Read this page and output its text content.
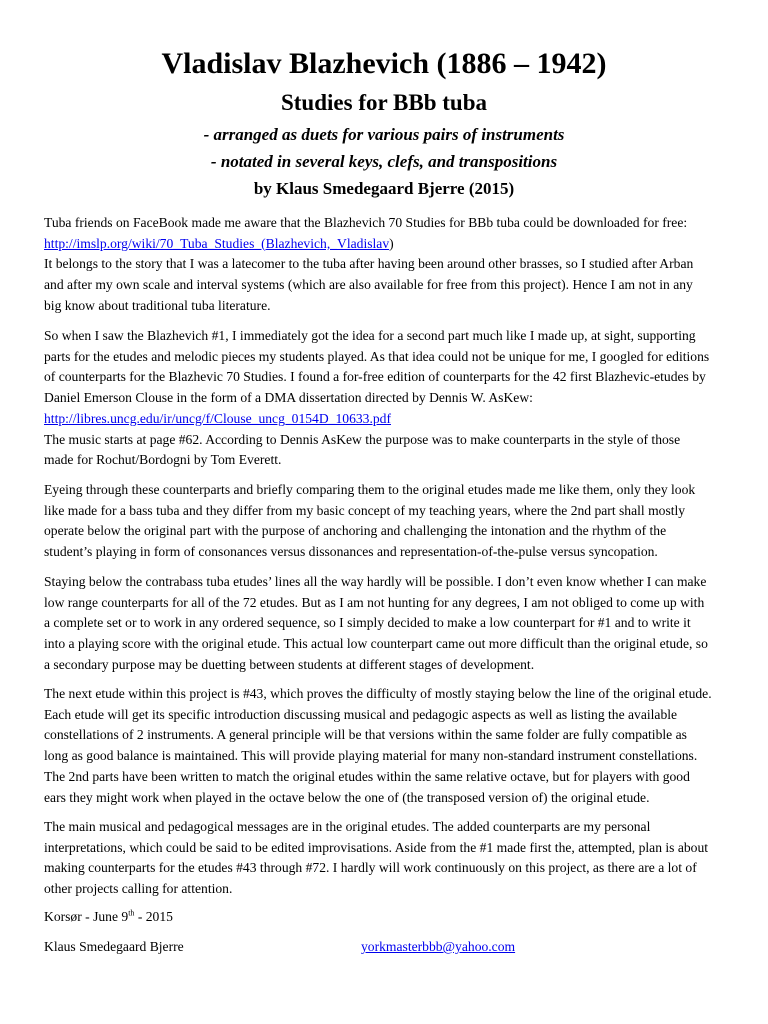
Vladislav Blazhevich (1886 – 1942)
Studies for BBb tuba
- arranged as duets for various pairs of instruments
- notated in several keys, clefs, and transpositions
by Klaus Smedegaard Bjerre (2015)

Tuba friends on FaceBook made me aware that the Blazhevich 70 Studies for BBb tuba could be downloaded for free:
http://imslp.org/wiki/70_Tuba_Studies_(Blazhevich,_Vladislav)
It belongs to the story that I was a latecomer to the tuba after having been around other brasses, so I studied after Arban
and after my own scale and interval systems (which are also available for free from this project). Hence I am not in any
big know about traditional tuba literature.

So when I saw the Blazhevich #1, I immediately got the idea for a second part much like I made up, at sight, supporting
parts for the etudes and melodic pieces my students played. As that idea could not be unique for me, I googled for editions
of counterparts for the Blazhevic 70 Studies. I found a for-free edition of counterparts for the 42 first Blazhevic-etudes by
Daniel Emerson Clouse in the form of a DMA dissertation directed by Dennis W. AsKew:
http://libres.uncg.edu/ir/uncg/f/Clouse_uncg_0154D_10633.pdf
The music starts at page #62. According to Dennis AsKew the purpose was to make counterparts in the style of those
made for Rochut/Bordogni by Tom Everett.

Eyeing through these counterparts and briefly comparing them to the original etudes made me like them, only they look
like made for a bass tuba and they differ from my basic concept of my teaching years, where the 2nd part shall mostly
operate below the original part with the purpose of anchoring and challenging the intonation and the rhythm of the
student’s playing in form of consonances versus dissonances and representation-of-the-pulse versus syncopation.

Staying below the contrabass tuba etudes’ lines all the way hardly will be possible. I don’t even know whether I can make
low range counterparts for all of the 72 etudes. But as I am not hunting for any degrees, I am not obliged to come up with
a complete set or to work in any ordered sequence, so I simply decided to make a low counterpart for #1 and to write it
into a playing score with the original etude. This actual low counterpart came out more difficult than the original etude, so
a secondary purpose may be duetting between students at different stages of development.

The next etude within this project is #43, which proves the difficulty of mostly staying below the line of the original etude.
Each etude will get its specific introduction discussing musical and pedagogic aspects as well as listing the available
constellations of 2 instruments. A general principle will be that versions within the same folder are fully compatible as
long as good balance is maintained. This will provide playing material for many non-standard instrument constellations.
The 2nd parts have been written to match the original etudes within the same relative octave, but for players with good
ears they might work when played in the octave below the one of (the transposed version of) the original etude.

The main musical and pedagogical messages are in the original etudes. The added counterparts are my personal
interpretations, which could be said to be edited improvisations. Aside from the #1 made first the, attempted, plan is about
making counterparts for the etudes #43 through #72. I hardly will work continuously on this project, as there are a lot of
other projects calling for attention.

Korsør - June 9th - 2015
Klaus Smedegaard Bjerre	yorkmasterbbb@yahoo.com
